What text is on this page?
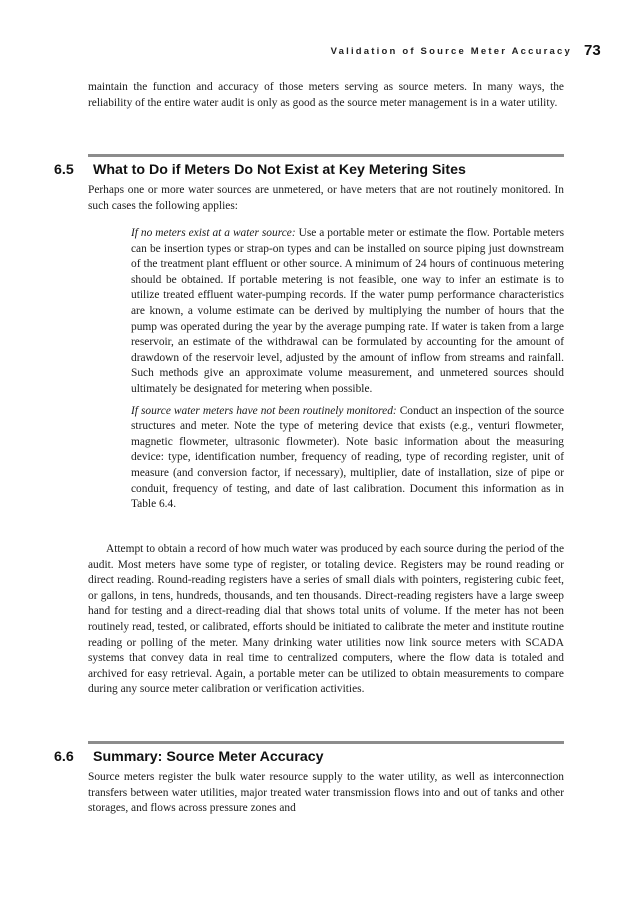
Validation of Source Meter Accuracy 73

maintain the function and accuracy of those meters serving as source meters. In many ways, the reliability of the entire water audit is only as good as the source meter management is in a water utility.

6.5 What to Do if Meters Do Not Exist at Key Metering Sites

Perhaps one or more water sources are unmetered, or have meters that are not routinely monitored. In such cases the following applies:

If no meters exist at a water source: Use a portable meter or estimate the flow. Portable meters can be insertion types or strap-on types and can be installed on source piping just downstream of the treatment plant effluent or other source. A minimum of 24 hours of continuous metering should be obtained. If portable metering is not feasible, one way to infer an estimate is to utilize treated effluent water-pumping records. If the water pump performance characteristics are known, a volume estimate can be derived by multiplying the number of hours that the pump was operated during the year by the average pumping rate. If water is taken from a large reservoir, an estimate of the withdrawal can be formulated by accounting for the amount of drawdown of the reservoir level, adjusted by the amount of inflow from streams and rainfall. Such methods give an approximate volume measurement, and unmetered sources should ultimately be designated for metering when possible.

If source water meters have not been routinely monitored: Conduct an inspection of the source structures and meter. Note the type of metering device that exists (e.g., venturi flowmeter, magnetic flowmeter, ultrasonic flowmeter). Note basic information about the measuring device: type, identification number, frequency of reading, type of recording register, unit of measure (and conversion factor, if necessary), multiplier, date of installation, size of pipe or conduit, frequency of testing, and date of last calibration. Document this information as in Table 6.4.

Attempt to obtain a record of how much water was produced by each source during the period of the audit. Most meters have some type of register, or totaling device. Registers may be round reading or direct reading. Round-reading registers have a series of small dials with pointers, registering cubic feet, or gallons, in tens, hundreds, thousands, and ten thousands. Direct-reading registers have a large sweep hand for testing and a direct-reading dial that shows total units of volume. If the meter has not been routinely read, tested, or calibrated, efforts should be initiated to calibrate the meter and institute routine reading or polling of the meter. Many drinking water utilities now link source meters with SCADA systems that convey data in real time to centralized computers, where the flow data is totaled and archived for easy retrieval. Again, a portable meter can be utilized to obtain measurements to compare during any source meter calibration or verification activities.

6.6 Summary: Source Meter Accuracy

Source meters register the bulk water resource supply to the water utility, as well as interconnection transfers between water utilities, major treated water transmission flows into and out of tanks and other storages, and flows across pressure zones and
